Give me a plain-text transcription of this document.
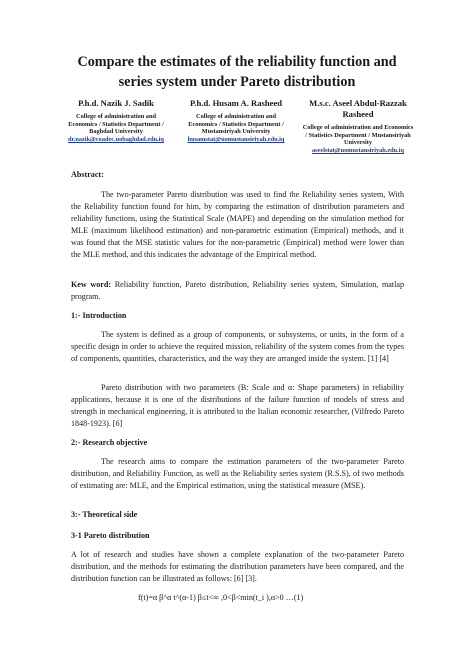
Compare the estimates of the reliability function and series system under Pareto distribution
P.h.d. Nazik J. Sadik
College of administration and Economics / Statistics Department / Baghdad University
dr.nazik@coadec.uobaghdad.edu.iq
P.h.d. Husam A. Rasheed
College of administration and Economics / Statistics Department / Mustansiriyah University
husamstat@uomustansiriyah.edu.iq
M.s.c. Aseel Abdul-Razzak Rasheed
College of administration and Economics / Statistics Department / Mustansiriyah University
aseelstat@uomustansiriyah.edu.iq
Abstract:
The two-parameter Pareto distribution was used to find the Reliability series system, With the Reliability function found for him, by comparing the estimation of distribution parameters and reliability functions, using the Statistical Scale (MAPE) and depending on the simulation method for MLE (maximum likelihood estimation) and non-parametric estimation (Empirical) methods, and it was found that the MSE statistic values for the non-parametric (Empirical) method were lower than the MLE method, and this indicates the advantage of the Empirical method.
Kew word: Reliability function, Pareto distribution, Reliability series system, Simulation, matlap program.
1:- Introduction
The system is defined as a group of components, or subsystems, or units, in the form of a specific design in order to achieve the required mission, reliability of the system comes from the types of components, quantities, characteristics, and the way they are arranged inside the system. [1] [4]
Pareto distribution with two parameters (B: Scale and α: Shape parameters) in reliability applications, because it is one of the distributions of the failure function of models of stress and strength in mechanical engineering, it is attributed to the Italian economic researcher, (Vilfredo Pareto 1848-1923). [6]
2:- Research objective
The research aims to compare the estimation parameters of the two-parameter Pareto distribution, and Reliability Function, as well as the Reliability series system (R.S.S), of two methods of estimating are: MLE, and the Empirical estimation, using the statistical measure (MSE).
3:- Theoretical side
3-1 Pareto distribution
A lot of research and studies have shown a complete explanation of the two-parameter Pareto distribution, and the methods for estimating the distribution parameters have been compared, and the distribution function can be illustrated as follows: [6] [3].
f(t)=α β^α t^(α-1) β≤t<∞ ,0<β<min⁡(t_i ),α>0 …(1)
